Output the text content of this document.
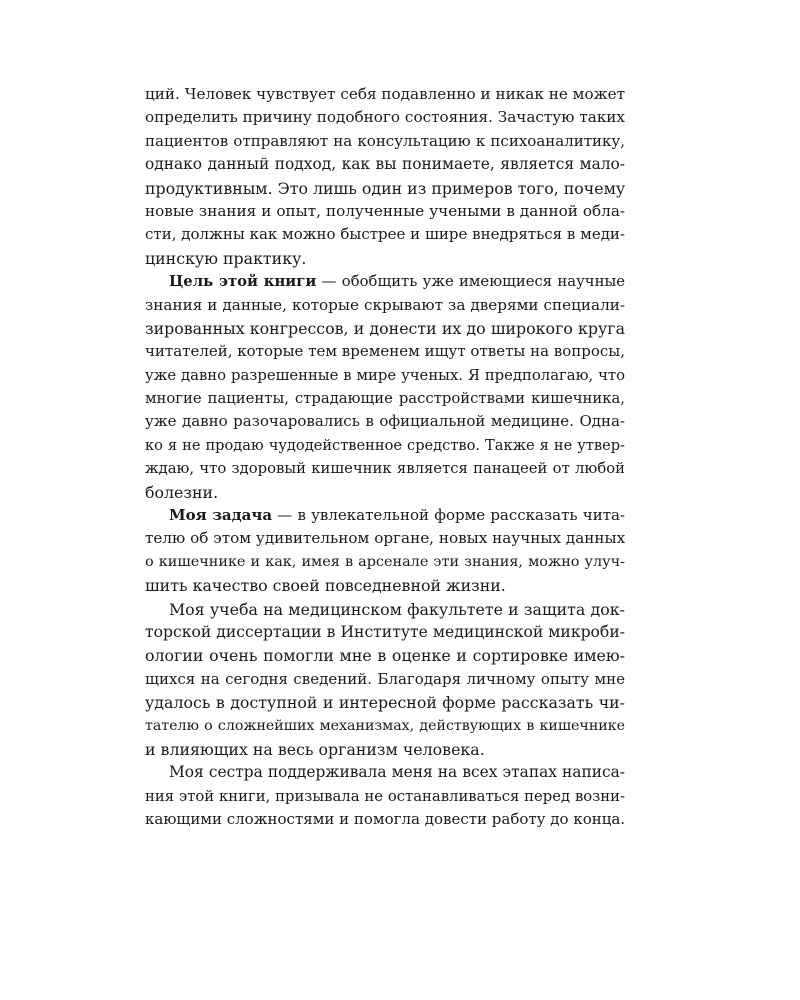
ций. Человек чувствует себя подавленно и никак не может
определить причину подобного состояния. Зачастую таких
пациентов отправляют на консультацию к психоаналитику,
однако данный подход, как вы понимаете, является мало-
продуктивным. Это лишь один из примеров того, почему
новые знания и опыт, полученные учеными в данной обла-
сти, должны как можно быстрее и шире внедряться в меди-
цинскую практику.
Цель этой книги — обобщить уже имеющиеся научные
знания и данные, которые скрывают за дверями специали-
зированных конгрессов, и донести их до широкого круга
читателей, которые тем временем ищут ответы на вопросы,
уже давно разрешенные в мире ученых. Я предполагаю, что
многие пациенты, страдающие расстройствами кишечника,
уже давно разочаровались в официальной медицине. Одна-
ко я не продаю чудодейственное средство. Также я не утвер-
ждаю, что здоровый кишечник является панацеей от любой
болезни.
Моя задача — в увлекательной форме рассказать чита-
телю об этом удивительном органе, новых научных данных
о кишечнике и как, имея в арсенале эти знания, можно улуч-
шить качество своей повседневной жизни.
Моя учеба на медицинском факультете и защита док-
торской диссертации в Институте медицинской микроби-
ологии очень помогли мне в оценке и сортировке имею-
щихся на сегодня сведений. Благодаря личному опыту мне
удалось в доступной и интересной форме рассказать чи-
тателю о сложнейших механизмах, действующих в кишечнике
и влияющих на весь организм человека.
Моя сестра поддерживала меня на всех этапах написа-
ния этой книги, призывала не останавливаться перед возни-
кающими сложностями и помогла довести работу до конца.
